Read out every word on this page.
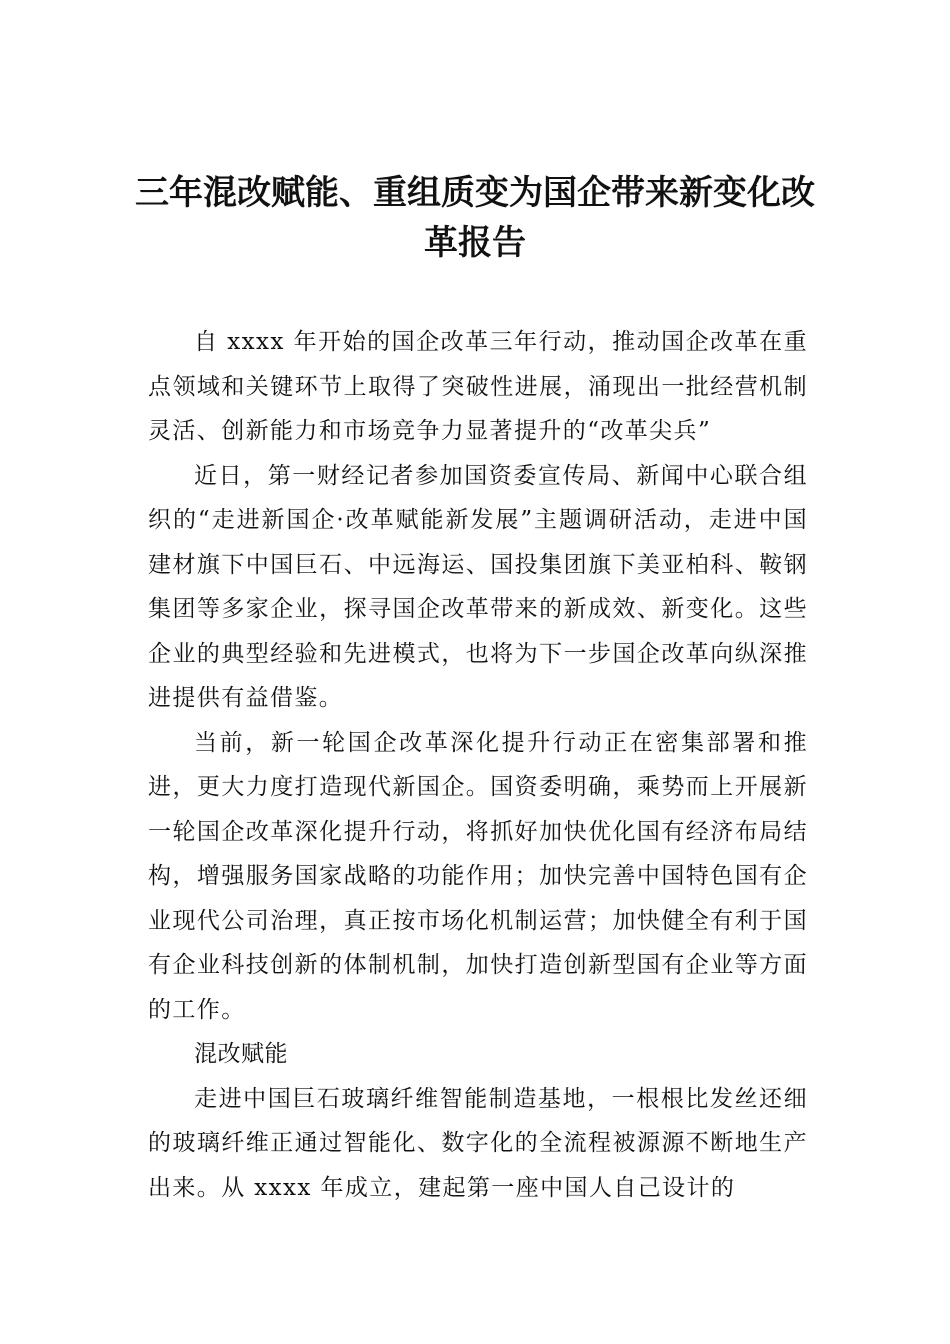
三年混改赋能、重组质变为国企带来新变化改革报告

自 xxxx 年开始的国企改革三年行动，推动国企改革在重点领域和关键环节上取得了突破性进展，涌现出一批经营机制灵活、创新能力和市场竞争力显著提升的“改革尖兵”

近日，第一财经记者参加国资委宣传局、新闻中心联合组织的“走进新国企·改革赋能新发展”主题调研活动，走进中国建材旗下中国巨石、中远海运、国投集团旗下美亚柏科、鞍钢集团等多家企业，探寻国企改革带来的新成效、新变化。这些企业的典型经验和先进模式，也将为下一步国企改革向纵深推进提供有益借鉴。

当前，新一轮国企改革深化提升行动正在密集部署和推进，更大力度打造现代新国企。国资委明确，乘势而上开展新一轮国企改革深化提升行动，将抓好加快优化国有经济布局结构，增强服务国家战略的功能作用；加快完善中国特色国有企业现代公司治理，真正按市场化机制运营；加快健全有利于国有企业科技创新的体制机制，加快打造创新型国有企业等方面的工作。

混改赋能

走进中国巨石玻璃纤维智能制造基地，一根根比发丝还细的玻璃纤维正通过智能化、数字化的全流程被源源不断地生产出来。从 xxxx 年成立，建起第一座中国人自己设计的
